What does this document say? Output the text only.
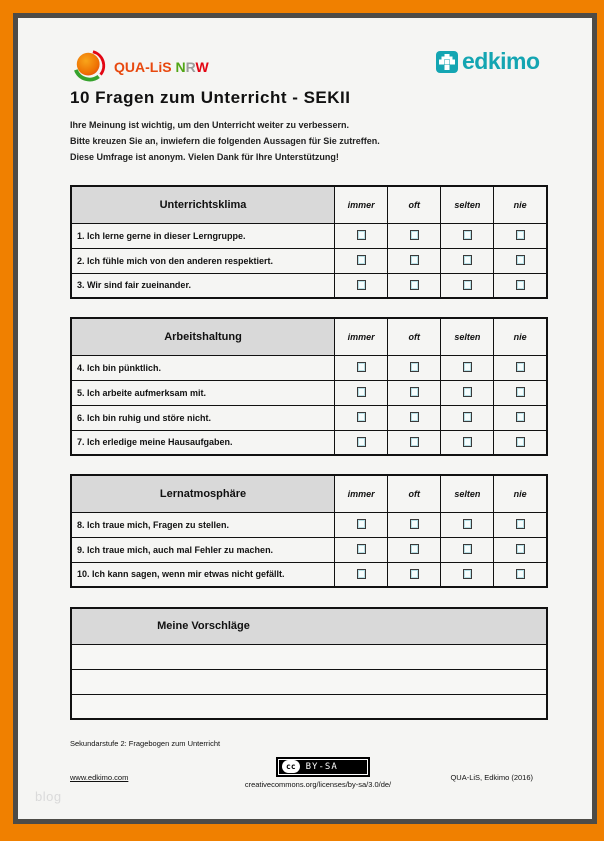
QUA-LiS NRW	edkimo
10 Fragen zum Unterricht - SEKII
Ihre Meinung ist wichtig, um den Unterricht weiter zu verbessern.
Bitte kreuzen Sie an, inwiefern die folgenden Aussagen für Sie zutreffen.
Diese Umfrage ist anonym. Vielen Dank für Ihre Unterstützung!
Unterrichtsklima	immer	oft	selten	nie
1. Ich lerne gerne in dieser Lerngruppe.				
2. Ich fühle mich von den anderen respektiert.				
3. Wir sind fair zueinander.				
Arbeitshaltung	immer	oft	selten	nie
4. Ich bin pünktlich.				
5. Ich arbeite aufmerksam mit.				
6. Ich bin ruhig und störe nicht.				
7. Ich erledige meine Hausaufgaben.				
Lernatmosphäre	immer	oft	selten	nie
8. Ich traue mich, Fragen zu stellen.				
9. Ich traue mich, auch mal Fehler zu machen.				
10. Ich kann sagen, wenn mir etwas nicht gefällt.				
Meine Vorschläge

Sekundarstufe 2: Fragebogen zum Unterricht
www.edkimo.com
cc	BY-SA
creativecommons.org/licenses/by-sa/3.0/de/
QUA-LiS, Edkimo (2016)
blog
